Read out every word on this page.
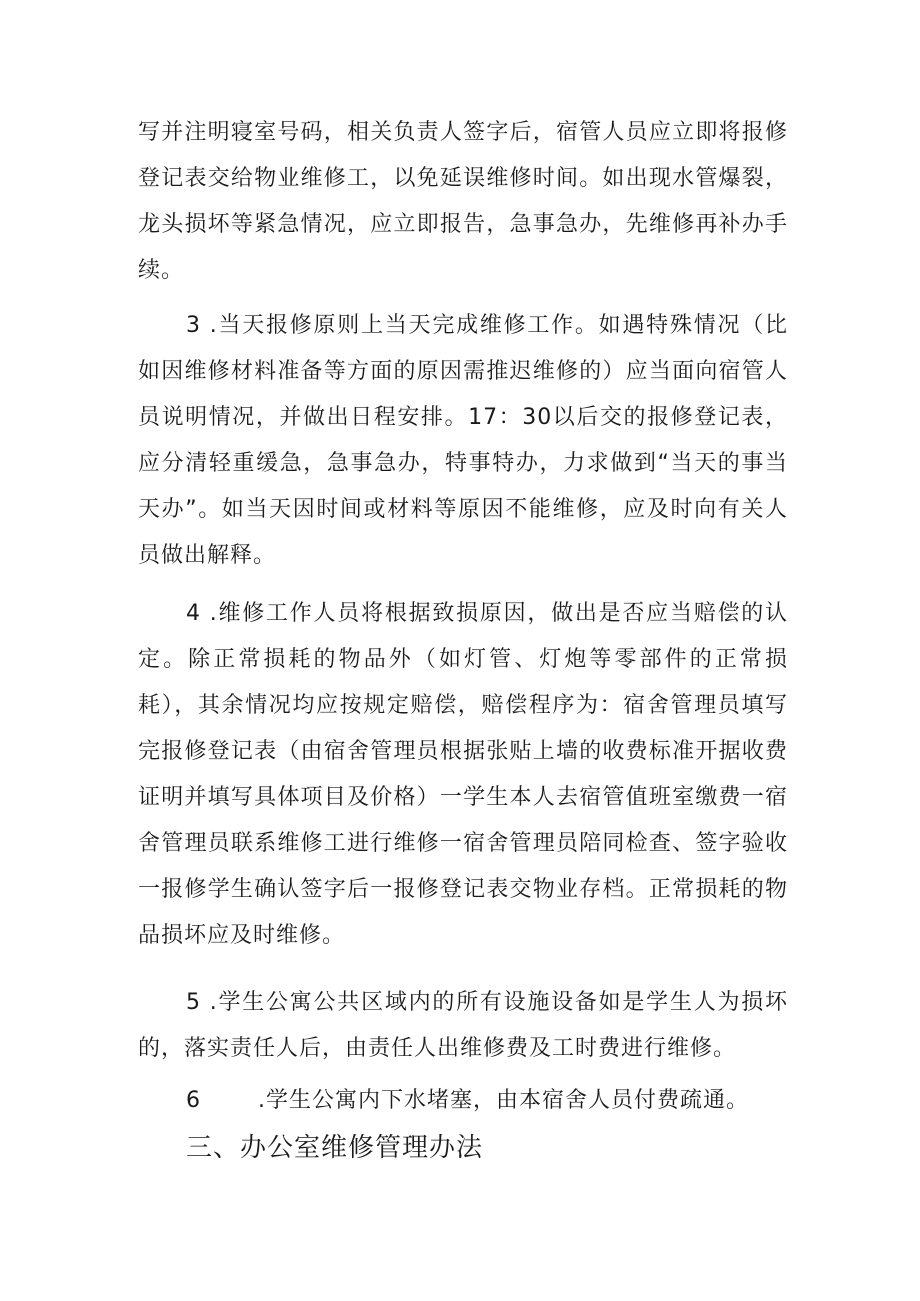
写并注明寝室号码，相关负责人签字后，宿管人员应立即将报修登记表交给物业维修工，以免延误维修时间。如出现水管爆裂，龙头损坏等紧急情况，应立即报告，急事急办，先维修再补办手续。

3 .当天报修原则上当天完成维修工作。如遇特殊情况（比如因维修材料准备等方面的原因需推迟维修的）应当面向宿管人员说明情况，并做出日程安排。17：30以后交的报修登记表，应分清轻重缓急，急事急办，特事特办，力求做到“当天的事当天办”。如当天因时间或材料等原因不能维修，应及时向有关人员做出解释。

4 .维修工作人员将根据致损原因，做出是否应当赔偿的认定。除正常损耗的物品外（如灯管、灯炮等零部件的正常损耗），其余情况均应按规定赔偿，赔偿程序为：宿舍管理员填写完报修登记表（由宿舍管理员根据张贴上墙的收费标准开据收费证明并填写具体项目及价格）一学生本人去宿管值班室缴费一宿舍管理员联系维修工进行维修一宿舍管理员陪同检查、签字验收一报修学生确认签字后一报修登记表交物业存档。正常损耗的物品损坏应及时维修。

5 .学生公寓公共区域内的所有设施设备如是学生人为损坏的，落实责任人后，由责任人出维修费及工时费进行维修。

6	.学生公寓内下水堵塞，由本宿舍人员付费疏通。

三、办公室维修管理办法
